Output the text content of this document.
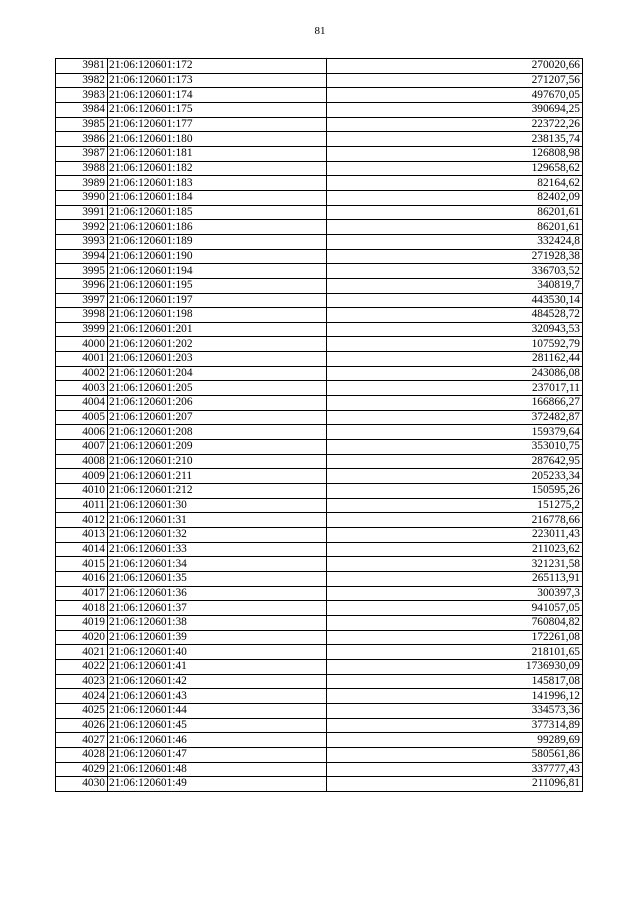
81
3981	21:06:120601:172	270020,66
3982	21:06:120601:173	271207,56
3983	21:06:120601:174	497670,05
3984	21:06:120601:175	390694,25
3985	21:06:120601:177	223722,26
3986	21:06:120601:180	238135,74
3987	21:06:120601:181	126808,98
3988	21:06:120601:182	129658,62
3989	21:06:120601:183	82164,62
3990	21:06:120601:184	82402,09
3991	21:06:120601:185	86201,61
3992	21:06:120601:186	86201,61
3993	21:06:120601:189	332424,8
3994	21:06:120601:190	271928,38
3995	21:06:120601:194	336703,52
3996	21:06:120601:195	340819,7
3997	21:06:120601:197	443530,14
3998	21:06:120601:198	484528,72
3999	21:06:120601:201	320943,53
4000	21:06:120601:202	107592,79
4001	21:06:120601:203	281162,44
4002	21:06:120601:204	243086,08
4003	21:06:120601:205	237017,11
4004	21:06:120601:206	166866,27
4005	21:06:120601:207	372482,87
4006	21:06:120601:208	159379,64
4007	21:06:120601:209	353010,75
4008	21:06:120601:210	287642,95
4009	21:06:120601:211	205233,34
4010	21:06:120601:212	150595,26
4011	21:06:120601:30	151275,2
4012	21:06:120601:31	216778,66
4013	21:06:120601:32	223011,43
4014	21:06:120601:33	211023,62
4015	21:06:120601:34	321231,58
4016	21:06:120601:35	265113,91
4017	21:06:120601:36	300397,3
4018	21:06:120601:37	941057,05
4019	21:06:120601:38	760804,82
4020	21:06:120601:39	172261,08
4021	21:06:120601:40	218101,65
4022	21:06:120601:41	1736930,09
4023	21:06:120601:42	145817,08
4024	21:06:120601:43	141996,12
4025	21:06:120601:44	334573,36
4026	21:06:120601:45	377314,89
4027	21:06:120601:46	99289,69
4028	21:06:120601:47	580561,86
4029	21:06:120601:48	337777,43
4030	21:06:120601:49	211096,81
